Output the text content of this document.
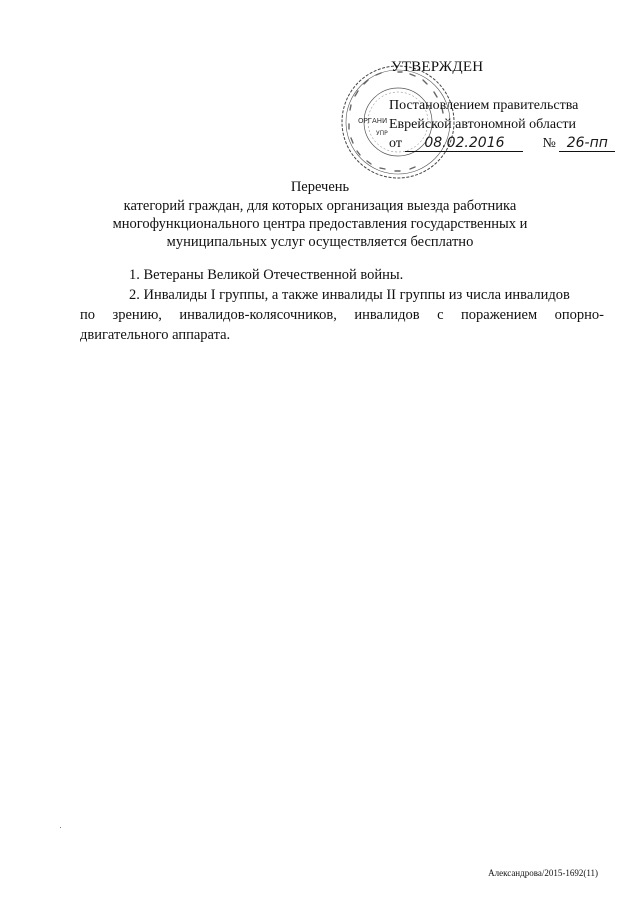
ОРГАНИ
УПР
УТВЕРЖДЕН
Постановлением правительства
Еврейской автономной области
от 08.02.2016	№ 26-пп
Перечень
категорий граждан, для которых организация выезда работника
многофункционального центра предоставления государственных и
муниципальных услуг осуществляется бесплатно
1. Ветераны Великой Отечественной войны.
2. Инвалиды I группы, а также инвалиды II группы из числа инвалидов
по зрению, инвалидов-колясочников, инвалидов с поражением опорно-
двигательного аппарата.
Александрова/2015-1692(11)
